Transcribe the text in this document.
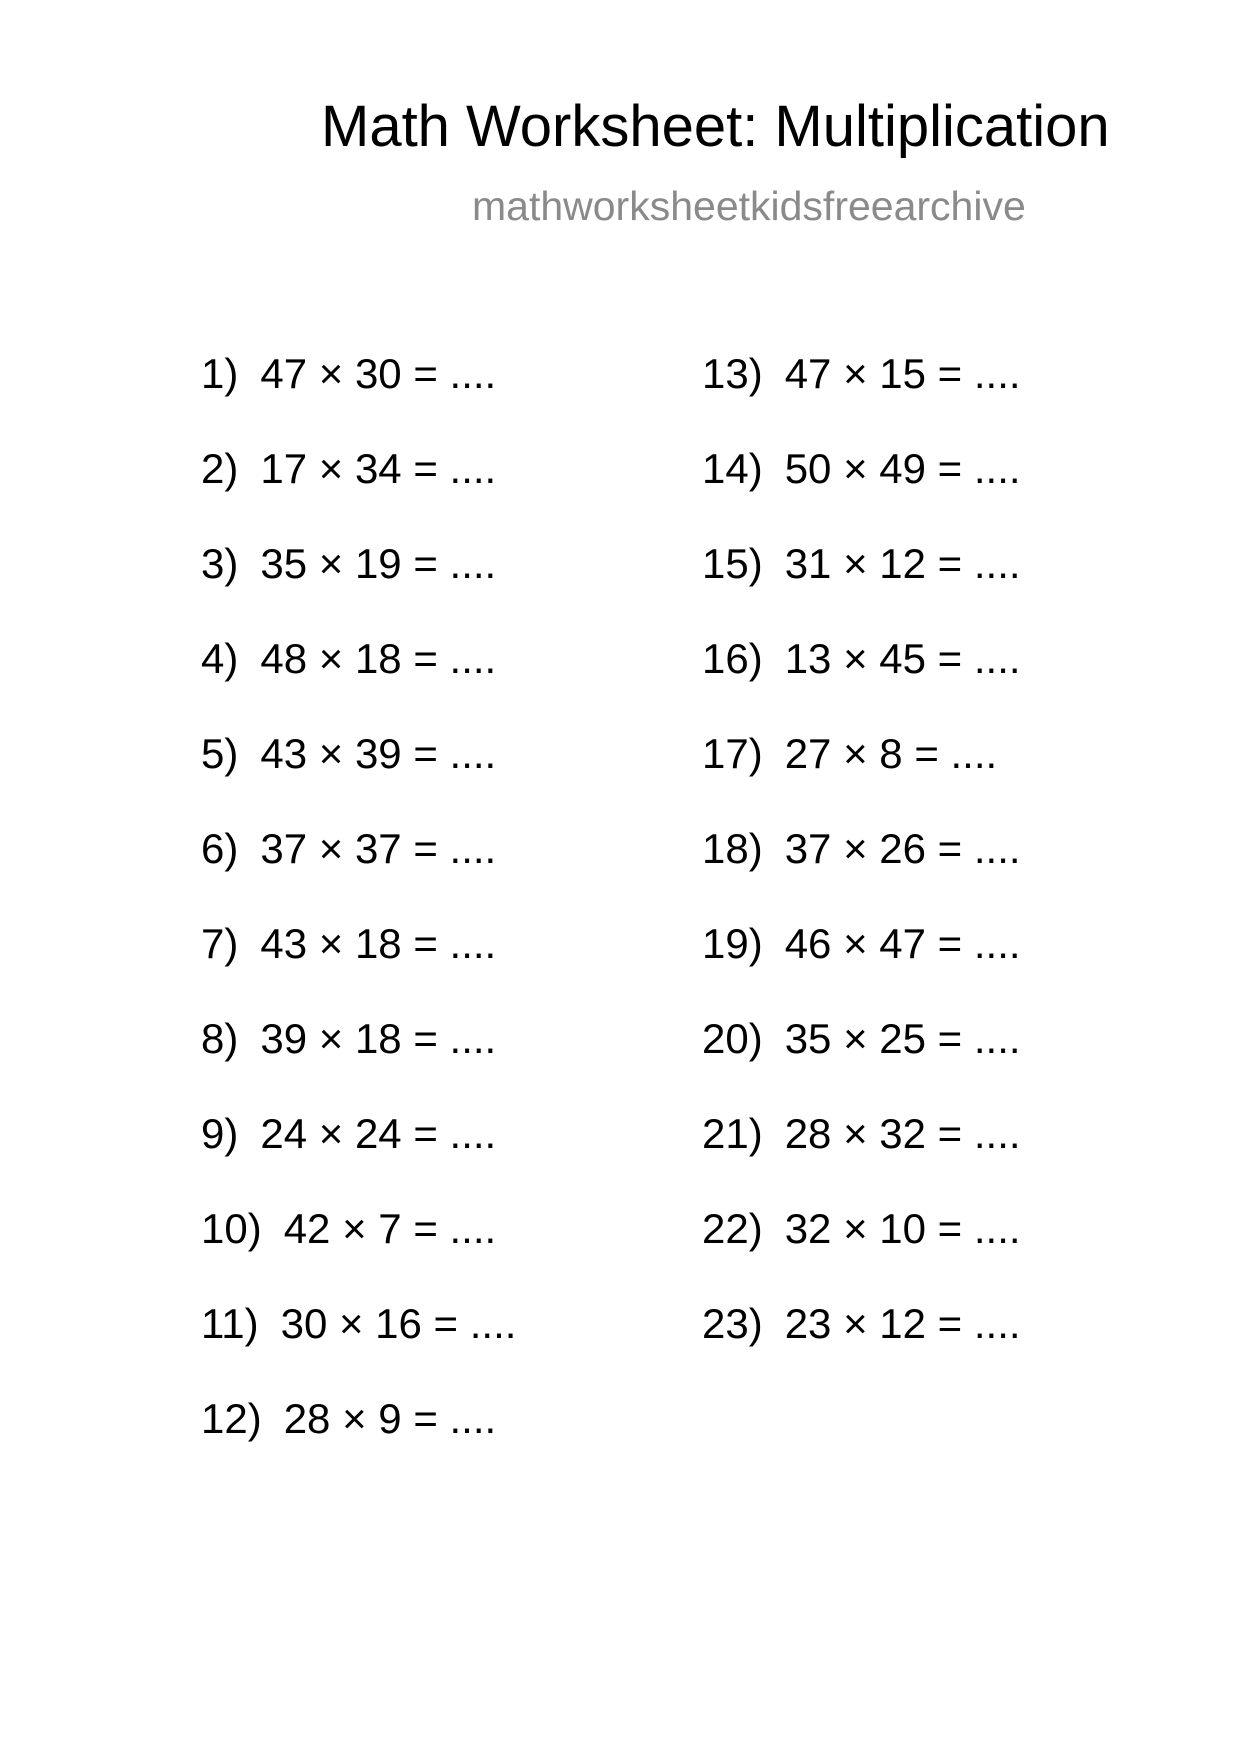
Math Worksheet: Multiplication
mathworksheetkidsfreearchive
1) 47 × 30 = ....
2) 17 × 34 = ....
3) 35 × 19 = ....
4) 48 × 18 = ....
5) 43 × 39 = ....
6) 37 × 37 = ....
7) 43 × 18 = ....
8) 39 × 18 = ....
9) 24 × 24 = ....
10) 42 × 7 = ....
11) 30 × 16 = ....
12) 28 × 9 = ....
13) 47 × 15 = ....
14) 50 × 49 = ....
15) 31 × 12 = ....
16) 13 × 45 = ....
17) 27 × 8 = ....
18) 37 × 26 = ....
19) 46 × 47 = ....
20) 35 × 25 = ....
21) 28 × 32 = ....
22) 32 × 10 = ....
23) 23 × 12 = ....
